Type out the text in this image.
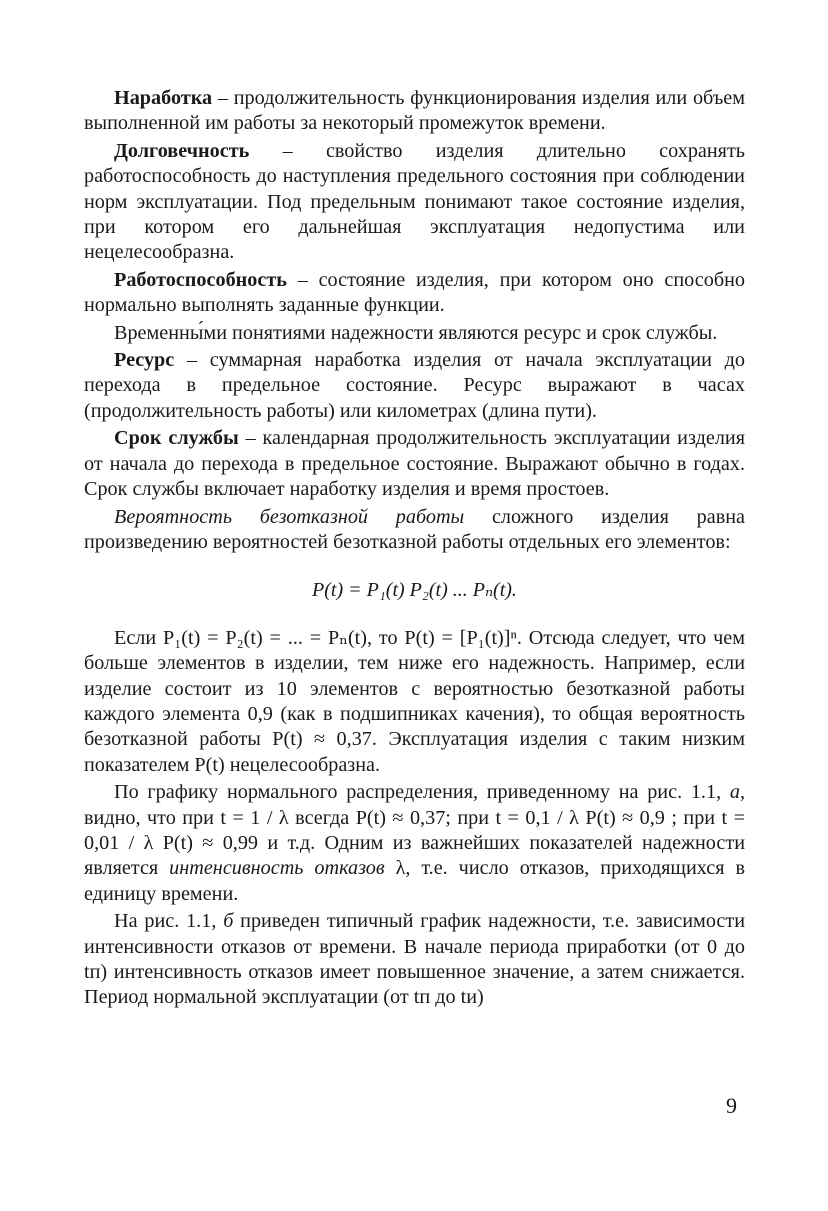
Наработка – продолжительность функционирования изделия или объем выполненной им работы за некоторый промежуток времени.

Долговечность – свойство изделия длительно сохранять работоспособность до наступления предельного состояния при соблюдении норм эксплуатации. Под предельным понимают такое состояние изделия, при котором его дальнейшая эксплуатация недопустима или нецелесообразна.

Работоспособность – состояние изделия, при котором оно способно нормально выполнять заданные функции.

Временны́ми понятиями надежности являются ресурс и срок службы.

Ресурс – суммарная наработка изделия от начала эксплуатации до перехода в предельное состояние. Ресурс выражают в часах (продолжительность работы) или километрах (длина пути).

Срок службы – календарная продолжительность эксплуатации изделия от начала до перехода в предельное состояние. Выражают обычно в годах. Срок службы включает наработку изделия и время простоев.

Вероятность безотказной работы сложного изделия равна произведению вероятностей безотказной работы отдельных его элементов:

P(t) = P₁(t) P₂(t) ... Pₙ(t).

Если P₁(t) = P₂(t) = ... = Pₙ(t), то P(t) = [P₁(t)]ⁿ. Отсюда следует, что чем больше элементов в изделии, тем ниже его надежность. Например, если изделие состоит из 10 элементов с вероятностью безотказной работы каждого элемента 0,9 (как в подшипниках качения), то общая вероятность безотказной работы P(t) ≈ 0,37. Эксплуатация изделия с таким низким показателем P(t) нецелесообразна.

По графику нормального распределения, приведенному на рис. 1.1, а, видно, что при t = 1 / λ всегда P(t) ≈ 0,37; при t = 0,1 / λ P(t) ≈ 0,9 ; при t = 0,01 / λ P(t) ≈ 0,99 и т.д. Одним из важнейших показателей надежности является интенсивность отказов λ, т.е. число отказов, приходящихся в единицу времени.

На рис. 1.1, б приведен типичный график надежности, т.е. зависимости интенсивности отказов от времени. В начале периода приработки (от 0 до tп) интенсивность отказов имеет повышенное значение, а затем снижается. Период нормальной эксплуатации (от tп до tи)

9
